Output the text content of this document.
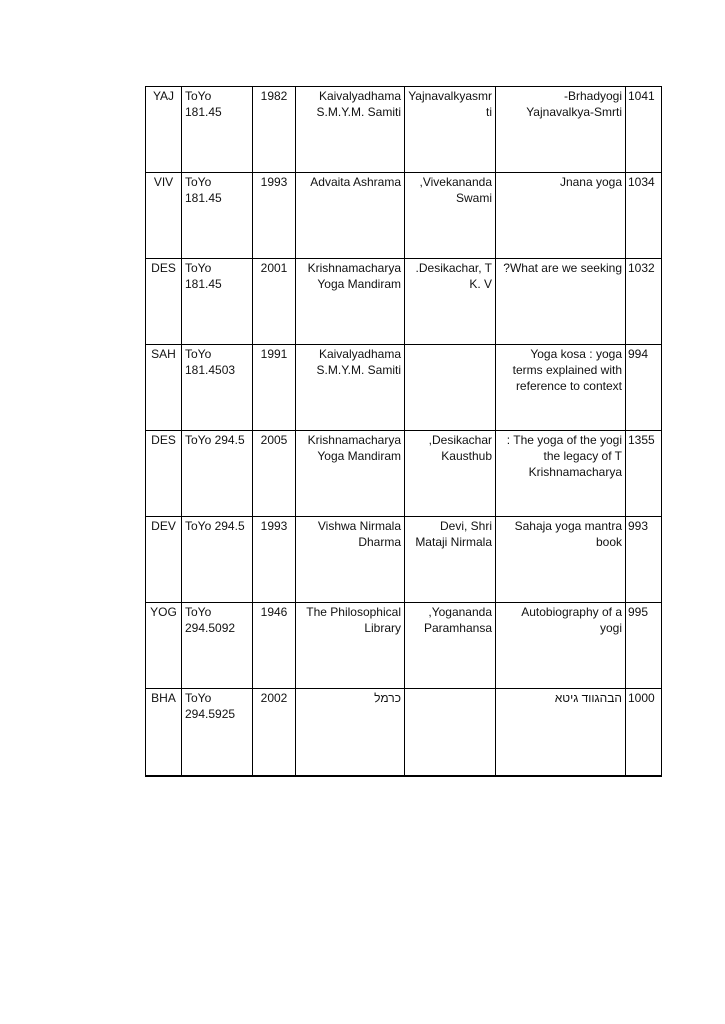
YAJ	ToYo 181.45	1982	Kaivalyadhama S.M.Y.M. Samiti	Yajnavalkyasmrti	-Brhadyogi Yajnavalkya-Smrti	1041
VIV	ToYo 181.45	1993	Advaita Ashrama	,Vivekananda Swami	Jnana yoga	1034
DES	ToYo 181.45	2001	Krishnamacharya Yoga Mandiram	.Desikachar, T K. V	?What are we seeking	1032
SAH	ToYo 181.4503	1991	Kaivalyadhama S.M.Y.M. Samiti		Yoga kosa : yoga terms explained with reference to context	994
DES	ToYo 294.5	2005	Krishnamacharya Yoga Mandiram	,Desikachar Kausthub	: The yoga of the yogi the legacy of T Krishnamacharya	1355
DEV	ToYo 294.5	1993	Vishwa Nirmala Dharma	Devi, Shri Mataji Nirmala	Sahaja yoga mantra book	993
YOG	ToYo 294.5092	1946	The Philosophical Library	,Yogananda Paramhansa	Autobiography of a yogi	995
BHA	ToYo 294.5925	2002	כרמל		הבהגווד גיטא	1000
